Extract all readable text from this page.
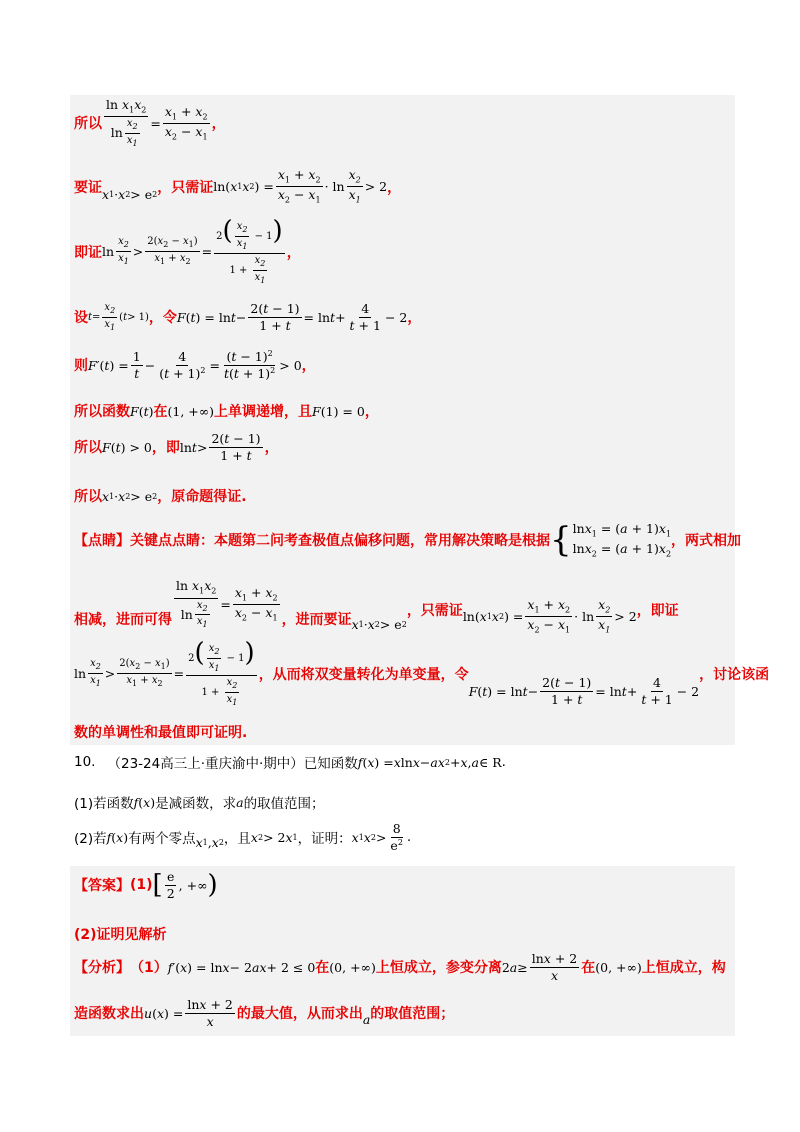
所以
$\ln x_1x_2$
$\ln \frac{x_2}{x_1}$ =
$x_1 + x_2$
$x_2 - x_1$
，
要证 x 1 · x 2 > e 2 ，只需证 ln( x 1 x 2 ) =
$x_1 + x_2$
$x_2 - x_1$
· ln
$x_2$
$x_1$
> 2 ，
即证 ln
$x_2$
$x_1$
>
$2(x_2 - x_1)$
$x_1 + x_2$
=
$2( \frac{x_2}{x_1} - 1)$
$1 + \frac{x_2}{x_1}$
，
设 t =
$x_2$
$x_1$
( t > 1) ，令 F ( t ) = ln t −
2(t − 1)
1 + t
= ln t +
4
t + 1
− 2 ，
则 F ′( t ) =
1
t
−
4
$(t + 1)^2$ =
$(t - 1)^2$
$t(t + 1)^2 > 0$ ，
所以函数 F ( t ) 在 (1, +∞) 上单调递增，且 F (1) = 0 ，
所以 F ( t ) > 0 ，即 ln t >
2(t − 1)
1 + t ，
所以 x 1 · x 2 > e 2 ，原命题得证.
【点睛】 关键点点睛：本题第二问考查极值点偏移问题，常用解决策略是根据 { $\ln x_1 = (a + 1)x_1$
$\ln x_2 = (a + 1)x_2$
，两式相加
相减，进而可得
$\ln x_1x_2$
$\ln \frac{x_2}{x_1}$ =
$x_1 + x_2$
$x_2 - x_1$ ，进而要证 x 1 · x 2 > e 2
，只需证 ln( x 1 x 2 ) =
$x_1 + x_2$
$x_2 - x_1$
· ln
$x_2$
$x_1$
> 2 ，即证
ln
$x_2$
$x_1$
>
$2(x_2 - x_1)$
$x_1 + x_2$
=
$2( \frac{x_2}{x_1} - 1)$
$1 + \frac{x_2}{x_1}$
，从而将双变量转化为单变量，令
F ( t ) = ln t −
2(t − 1)
1 + t
= ln t +
4
t + 1
− 2
，讨论该函
数的单调性和最值即可证明.
10. （23-24高三上·重庆渝中·期中）已知函数 f ( x ) = x ln x − ax 2 + x , a ∈ R .
(1)若函数 f ( x ) 是减函数，求 a 的取值范围；
(2)若 f ( x ) 有两个零点 x 1 , x 2 ，且 x 2 > 2 x 1 ，证明： x 1 x 2 >
8
$e^2$ .
【答案】 (1) [ e
2
, +∞ )
(2)证明见解析
【分析】 （1） f ′( x ) = ln x − 2 ax + 2 ≤ 0 在 (0, +∞) 上恒成立，参变分离 2 a ≥
lnx + 2
x 在 (0, +∞) 上恒成立，构
造函数求出 u ( x ) =
lnx + 2
x 的最大值，从而求出 a 的取值范围；
